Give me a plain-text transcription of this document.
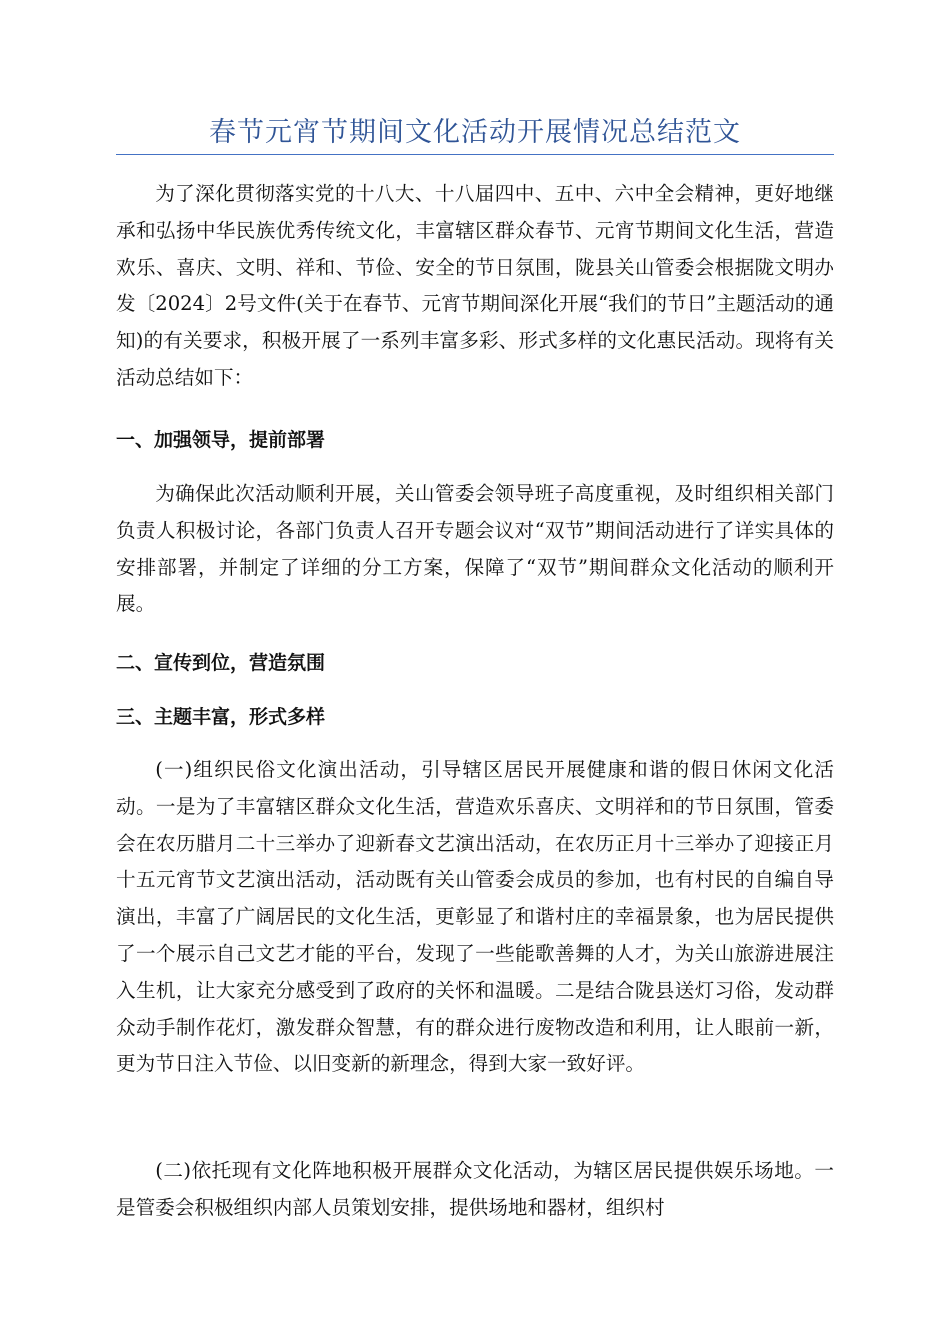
春节元宵节期间文化活动开展情况总结范文

为了深化贯彻落实党的十八大、十八届四中、五中、六中全会精神，更好地继承和弘扬中华民族优秀传统文化，丰富辖区群众春节、元宵节期间文化生活，营造欢乐、喜庆、文明、祥和、节俭、安全的节日氛围，陇县关山管委会根据陇文明办发〔2024〕2号文件(关于在春节、元宵节期间深化开展“我们的节日”主题活动的通知)的有关要求，积极开展了一系列丰富多彩、形式多样的文化惠民活动。现将有关活动总结如下：

一、加强领导，提前部署

为确保此次活动顺利开展，关山管委会领导班子高度重视，及时组织相关部门负责人积极讨论，各部门负责人召开专题会议对“双节”期间活动进行了详实具体的安排部署，并制定了详细的分工方案，保障了“双节”期间群众文化活动的顺利开展。

二、宣传到位，营造氛围
三、主题丰富，形式多样

(一)组织民俗文化演出活动，引导辖区居民开展健康和谐的假日休闲文化活动。一是为了丰富辖区群众文化生活，营造欢乐喜庆、文明祥和的节日氛围，管委会在农历腊月二十三举办了迎新春文艺演出活动，在农历正月十三举办了迎接正月十五元宵节文艺演出活动，活动既有关山管委会成员的参加，也有村民的自编自导演出，丰富了广阔居民的文化生活，更彰显了和谐村庄的幸福景象，也为居民提供了一个展示自己文艺才能的平台，发现了一些能歌善舞的人才，为关山旅游进展注入生机，让大家充分感受到了政府的关怀和温暖。二是结合陇县送灯习俗，发动群众动手制作花灯，激发群众智慧，有的群众进行废物改造和利用，让人眼前一新，更为节日注入节俭、以旧变新的新理念，得到大家一致好评。

(二)依托现有文化阵地积极开展群众文化活动，为辖区居民提供娱乐场地。一是管委会积极组织内部人员策划安排，提供场地和器材，组织村
